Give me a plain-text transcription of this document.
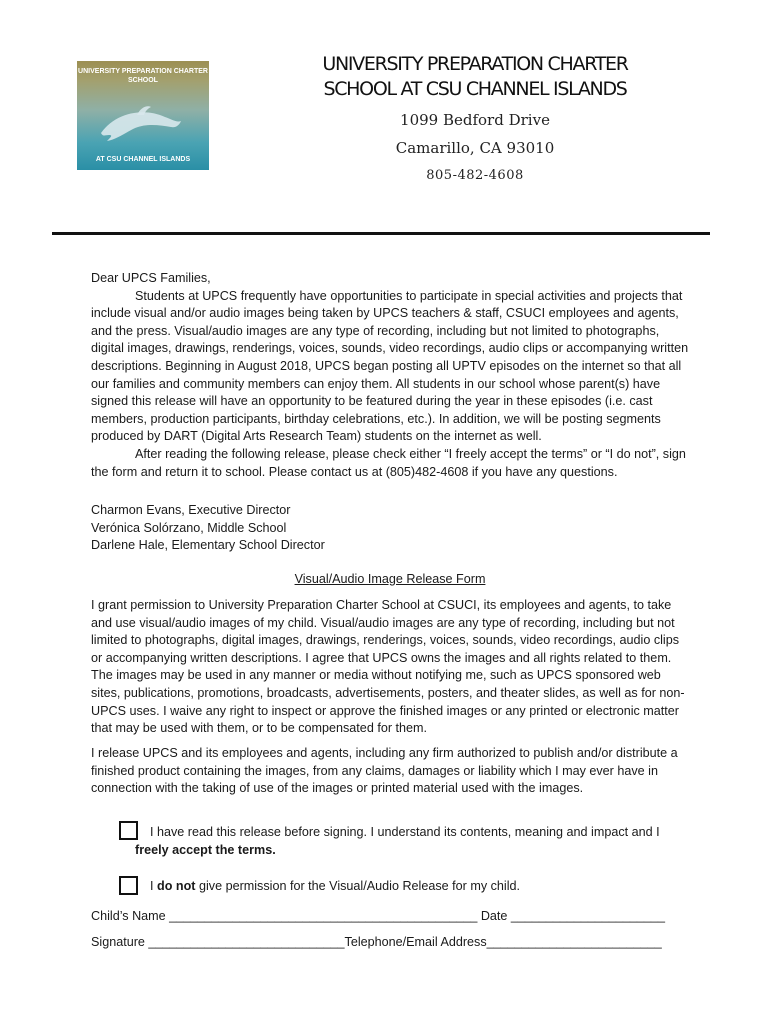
UNIVERSITY PREPARATION CHARTER SCHOOL
AT CSU CHANNEL ISLANDS
UNIVERSITY PREPARATION CHARTER
SCHOOL AT CSU CHANNEL ISLANDS
1099 Bedford Drive
Camarillo, CA 93010
805-482-4608

Dear UPCS Families,

Students at UPCS frequently have opportunities to participate in special activities and projects that include visual and/or audio images being taken by UPCS teachers & staff, CSUCI employees and agents, and the press. Visual/audio images are any type of recording, including but not limited to photographs, digital images, drawings, renderings, voices, sounds, video recordings, audio clips or accompanying written descriptions. Beginning in August 2018, UPCS began posting all UPTV episodes on the internet so that all our families and community members can enjoy them. All students in our school whose parent(s) have signed this release will have an opportunity to be featured during the year in these episodes (i.e. cast members, production participants, birthday celebrations, etc.). In addition, we will be posting segments produced by DART (Digital Arts Research Team) students on the internet as well.

After reading the following release, please check either “I freely accept the terms” or “I do not”, sign the form and return it to school. Please contact us at (805)482-4608 if you have any questions.

Charmon Evans, Executive Director

Verónica Solórzano, Middle School

Darlene Hale, Elementary School Director

Visual/Audio Image Release Form

I grant permission to University Preparation Charter School at CSUCI, its employees and agents, to take and use visual/audio images of my child. Visual/audio images are any type of recording, including but not limited to photographs, digital images, drawings, renderings, voices, sounds, video recordings, audio clips or accompanying written descriptions. I agree that UPCS owns the images and all rights related to them. The images may be used in any manner or media without notifying me, such as UPCS sponsored web sites, publications, promotions, broadcasts, advertisements, posters, and theater slides, as well as for non-UPCS uses. I waive any right to inspect or approve the finished images or any printed or electronic matter that may be used with them, or to be compensated for them.

I release UPCS and its employees and agents, including any firm authorized to publish and/or distribute a finished product containing the images, from any claims, damages or liability which I may ever have in connection with the taking of use of the images or printed material used with the images.

I have read this release before signing. I understand its contents, meaning and impact and I
freely accept the terms.
I do not give permission for the Visual/Audio Release for my child.
Child’s Name ____________________________________________ Date ______________________
Signature ____________________________Telephone/Email Address_________________________
